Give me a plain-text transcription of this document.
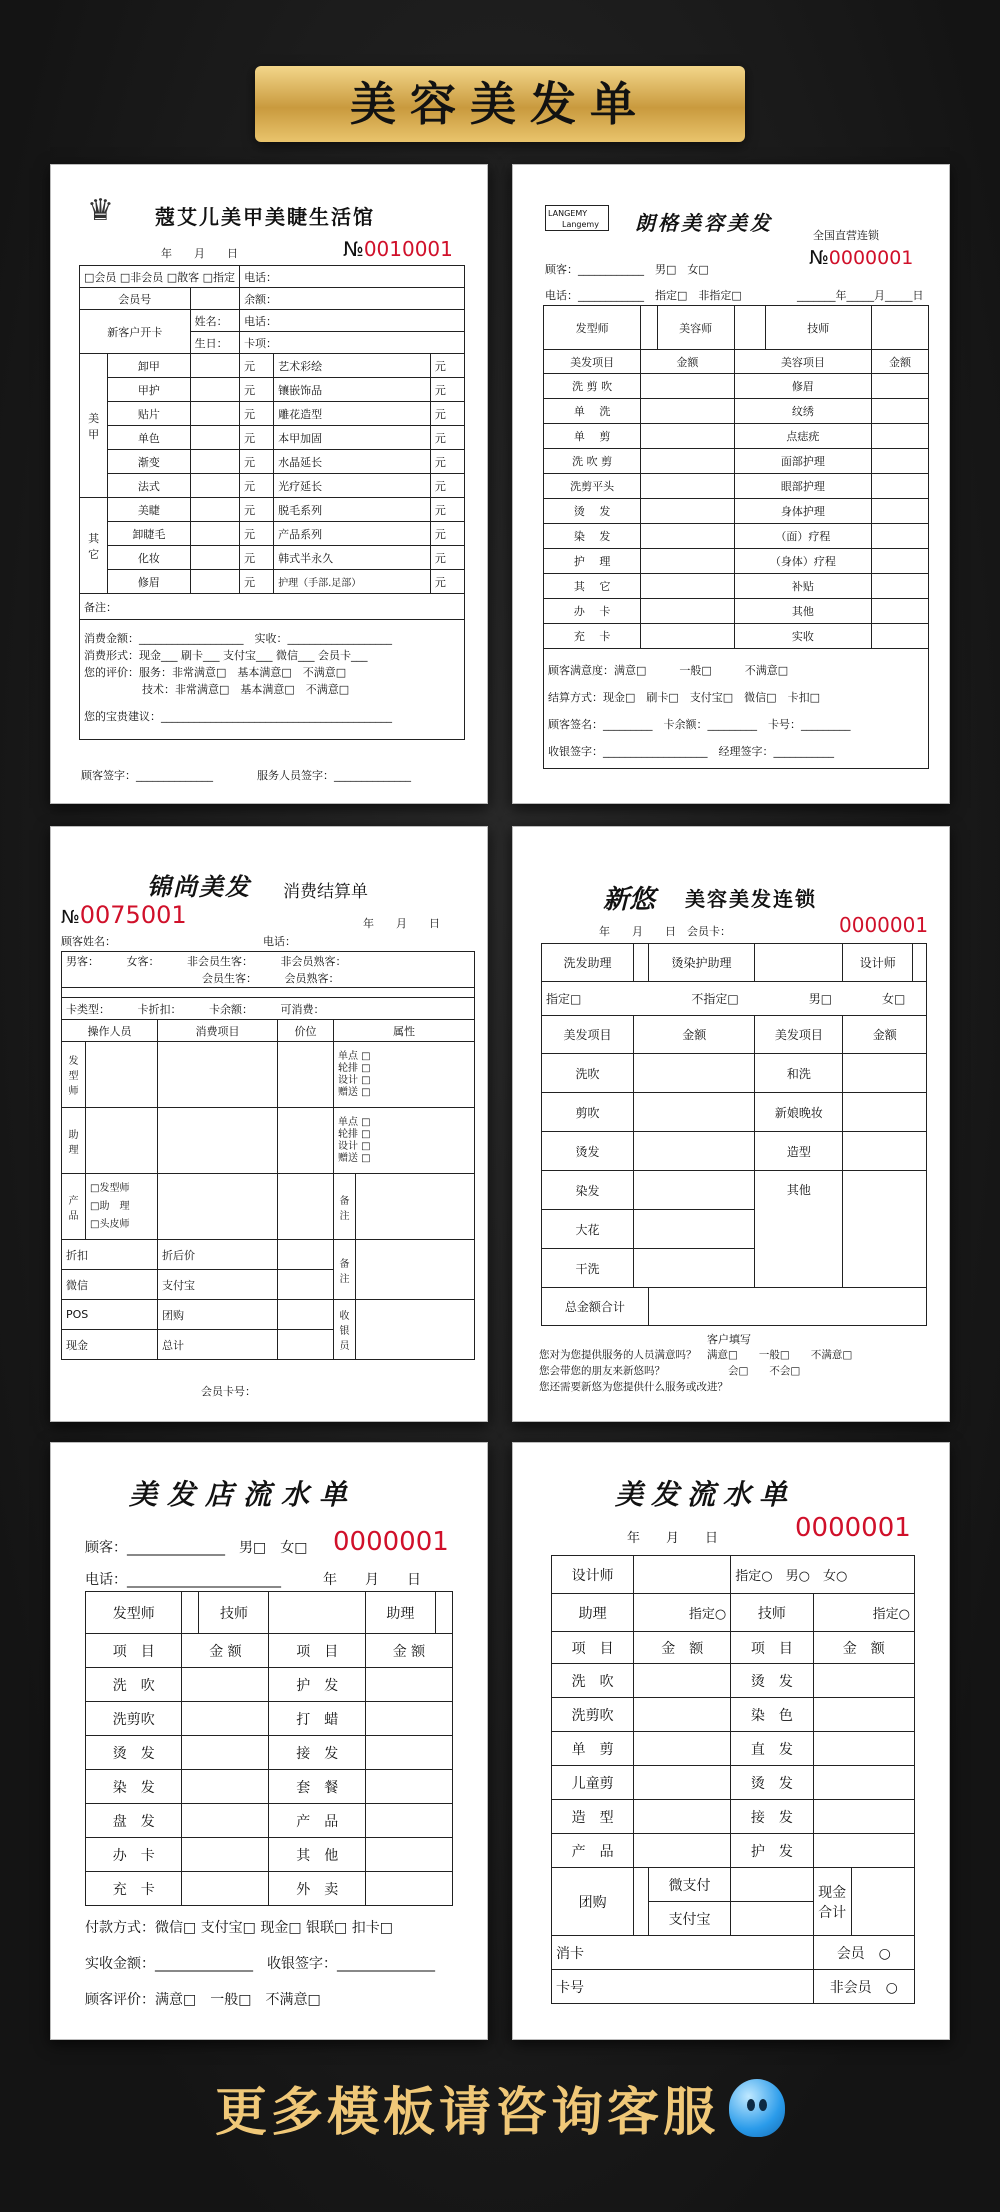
美容美发单
♛ 蔻艾儿美甲美睫生活馆
年　　月　　日	№0010001
□会员 □非会员 □散客 □指定			电话：		
会员号			余额：		
新客户开卡		姓名：	电话：		

		生日：	卡项：		
美甲	卸甲		元	艺术彩绘	元
	甲护		元	镶嵌饰品	元
	贴片		元	雕花造型	元
	单色		元	本甲加固	元
	渐变		元	水晶延长	元
	法式		元	光疗延长	元
其它	美睫		元	脱毛系列	元
	卸睫毛		元	产品系列	元
	化妆		元	韩式半永久	元
	修眉		元	护理（手部.足部）	元
备注：					

消费金额：___________________　 实收：___________________
消费形式：现金___ 刷卡___ 支付宝___ 微信___ 会员卡___
您的评价：服务：非常满意□　基本满意□　不满意□
技术：非常满意□　基本满意□　不满意□
您的宝贵建议：__________________________________________					
顾客签字：______________	服务人员签字：______________
LANGEMY
Langemy	朗格美容美发
全国直营连锁
№0000001
顾客：____________　男□　女□
电话：____________　指定□　非指定□	_______年_____月_____日
发型师		美容师		技师	
美发项目	金额		美容项目		金额
洗 剪 吹			修眉		
单　 洗			纹绣		
单　 剪			点痣疣		
洗 吹 剪			面部护理		
洗剪平头			眼部护理		
烫　 发			身体护理		
染　 发			（面）疗程		
护　 理			（身体）疗程		
其　 它			补贴		
办　 卡			其他		
充　 卡			实收		

顾客满意度：满意□　　　一般□　　　不满意□
结算方式：现金□　刷卡□　支付宝□　微信□　卡扣□
顾客签名：_________　卡余额：_________　卡号：_________
收银签字：___________________　经理签字：___________					
锦尚美发 消费结算单
№0075001	年　　月　　日
顾客姓名：	电话：
男客：　　　女客：　　　非会员生客：　　　非会员熟客：					
会员生客：　　　会员熟客：					

卡类型：　　　卡折扣：　　　卡余额：　　　可消费：					
操作人员		消费项目	价位	属性	
发型师				单点 □
轮排 □
设计 □
赠送 □	

助理				单点 □
轮排 □
设计 □
赠送 □	

产品	□发型师
□助　理
□头皮师			备注	
折扣		折后价		备注	
微信		支付宝			
POS		团购		收银员	
现金		总计			
会员卡号：
新悠 美容美发连锁
年　　月　　日　会员卡：	0000001
洗发助理		烫染护助理		设计师	
指定□ 不指定□ 男□ 女□					
美发项目	金额		美发项目	金额	
洗吹			和洗		
剪吹			新娘晚妆		
烫发			造型		
染发			其他		
大花					
干洗					
总金额合计					
客户填写
您对为您提供服务的人员满意吗？　满意□　　一般□　　不满意□
您会带您的朋友来新悠吗？　　　　　　会□　　不会□
您还需要新悠为您提供什么服务或改进？
美发店流水单
顾客：______________　男□　女□ 0000001
电话：______________________　　　年　　月　　日
发型师		技师		助理	
项　目	金 额		项　目	金 额	
洗　吹			护　发		
洗剪吹			打　蜡		
烫　发			接　发		
染　发			套　餐		
盘　发			产　品		
办　卡			其　他		
充　卡			外　卖		
付款方式：微信□ 支付宝□ 现金□ 银联□ 扣卡□
实收金额：______________　收银签字：______________
顾客评价：满意□　一般□　不满意□
美发流水单
年　　月　　日	0000001
设计师			指定○　 男○　 女○		
助理	指定○		技师	指定○	
项　目	金　额		项　目	金　额	
洗　吹			烫　发		
洗剪吹			染　色		
单　剪			直　发		
儿童剪			烫　发		
造　型			接　发		
产　品			护　发		
团购		微支付		现金合计	
		支付宝			
消卡				会员　○	
卡号				非会员　○	
更多模板请咨询客服
